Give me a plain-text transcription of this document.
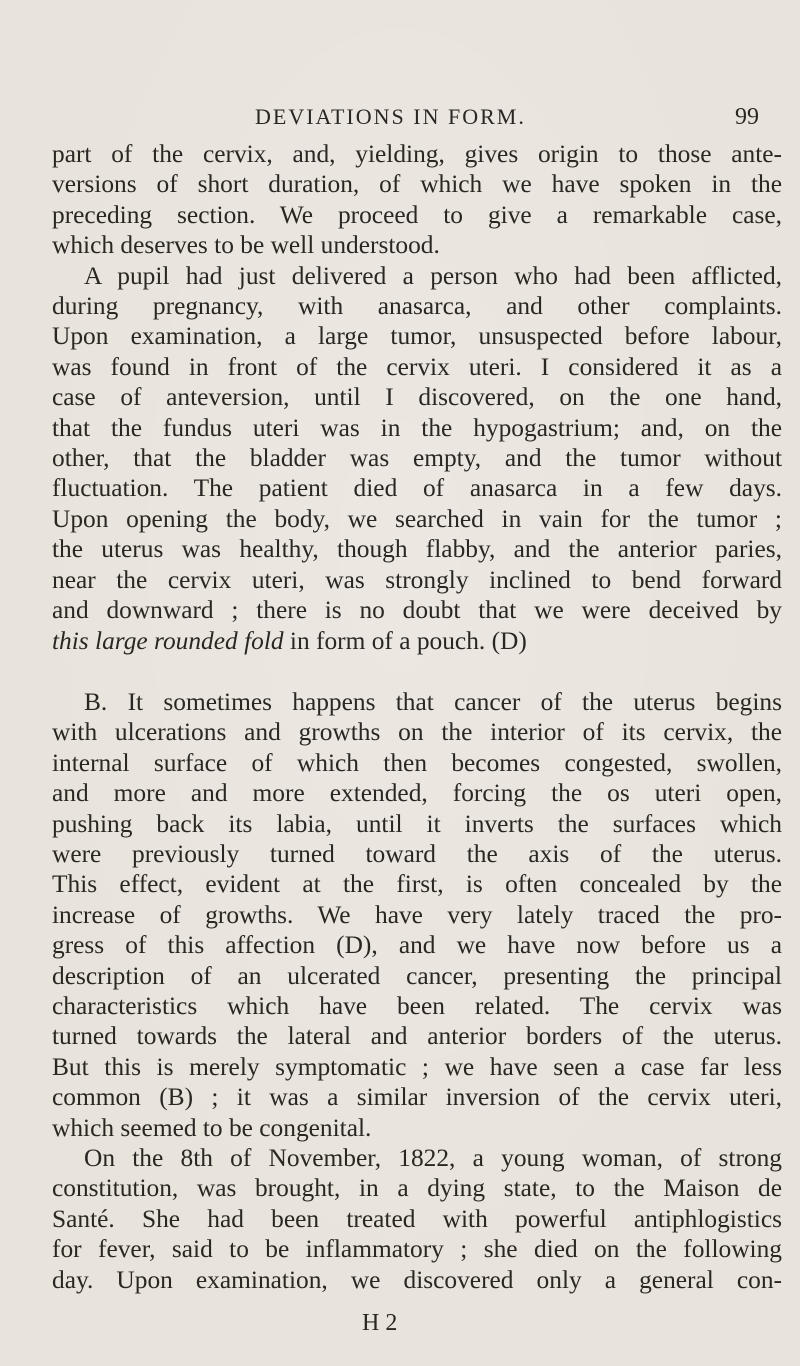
DEVIATIONS IN FORM.	99
part of the cervix, and, yielding, gives origin to those ante-
versions of short duration, of which we have spoken in the
preceding section. We proceed to give a remarkable case,
which deserves to be well understood.
A pupil had just delivered a person who had been afflicted,
during pregnancy, with anasarca, and other complaints.
Upon examination, a large tumor, unsuspected before labour,
was found in front of the cervix uteri. I considered it as a
case of anteversion, until I discovered, on the one hand,
that the fundus uteri was in the hypogastrium; and, on the
other, that the bladder was empty, and the tumor without
fluctuation. The patient died of anasarca in a few days.
Upon opening the body, we searched in vain for the tumor ;
the uterus was healthy, though flabby, and the anterior paries,
near the cervix uteri, was strongly inclined to bend forward
and downward ; there is no doubt that we were deceived by
this large rounded fold in form of a pouch. (D)
B. It sometimes happens that cancer of the uterus begins
with ulcerations and growths on the interior of its cervix, the
internal surface of which then becomes congested, swollen,
and more and more extended, forcing the os uteri open,
pushing back its labia, until it inverts the surfaces which
were previously turned toward the axis of the uterus.
This effect, evident at the first, is often concealed by the
increase of growths. We have very lately traced the pro-
gress of this affection (D), and we have now before us a
description of an ulcerated cancer, presenting the principal
characteristics which have been related. The cervix was
turned towards the lateral and anterior borders of the uterus.
But this is merely symptomatic ; we have seen a case far less
common (B) ; it was a similar inversion of the cervix uteri,
which seemed to be congenital.
On the 8th of November, 1822, a young woman, of strong
constitution, was brought, in a dying state, to the Maison de
Santé. She had been treated with powerful antiphlogistics
for fever, said to be inflammatory ; she died on the following
day. Upon examination, we discovered only a general con-
H 2
